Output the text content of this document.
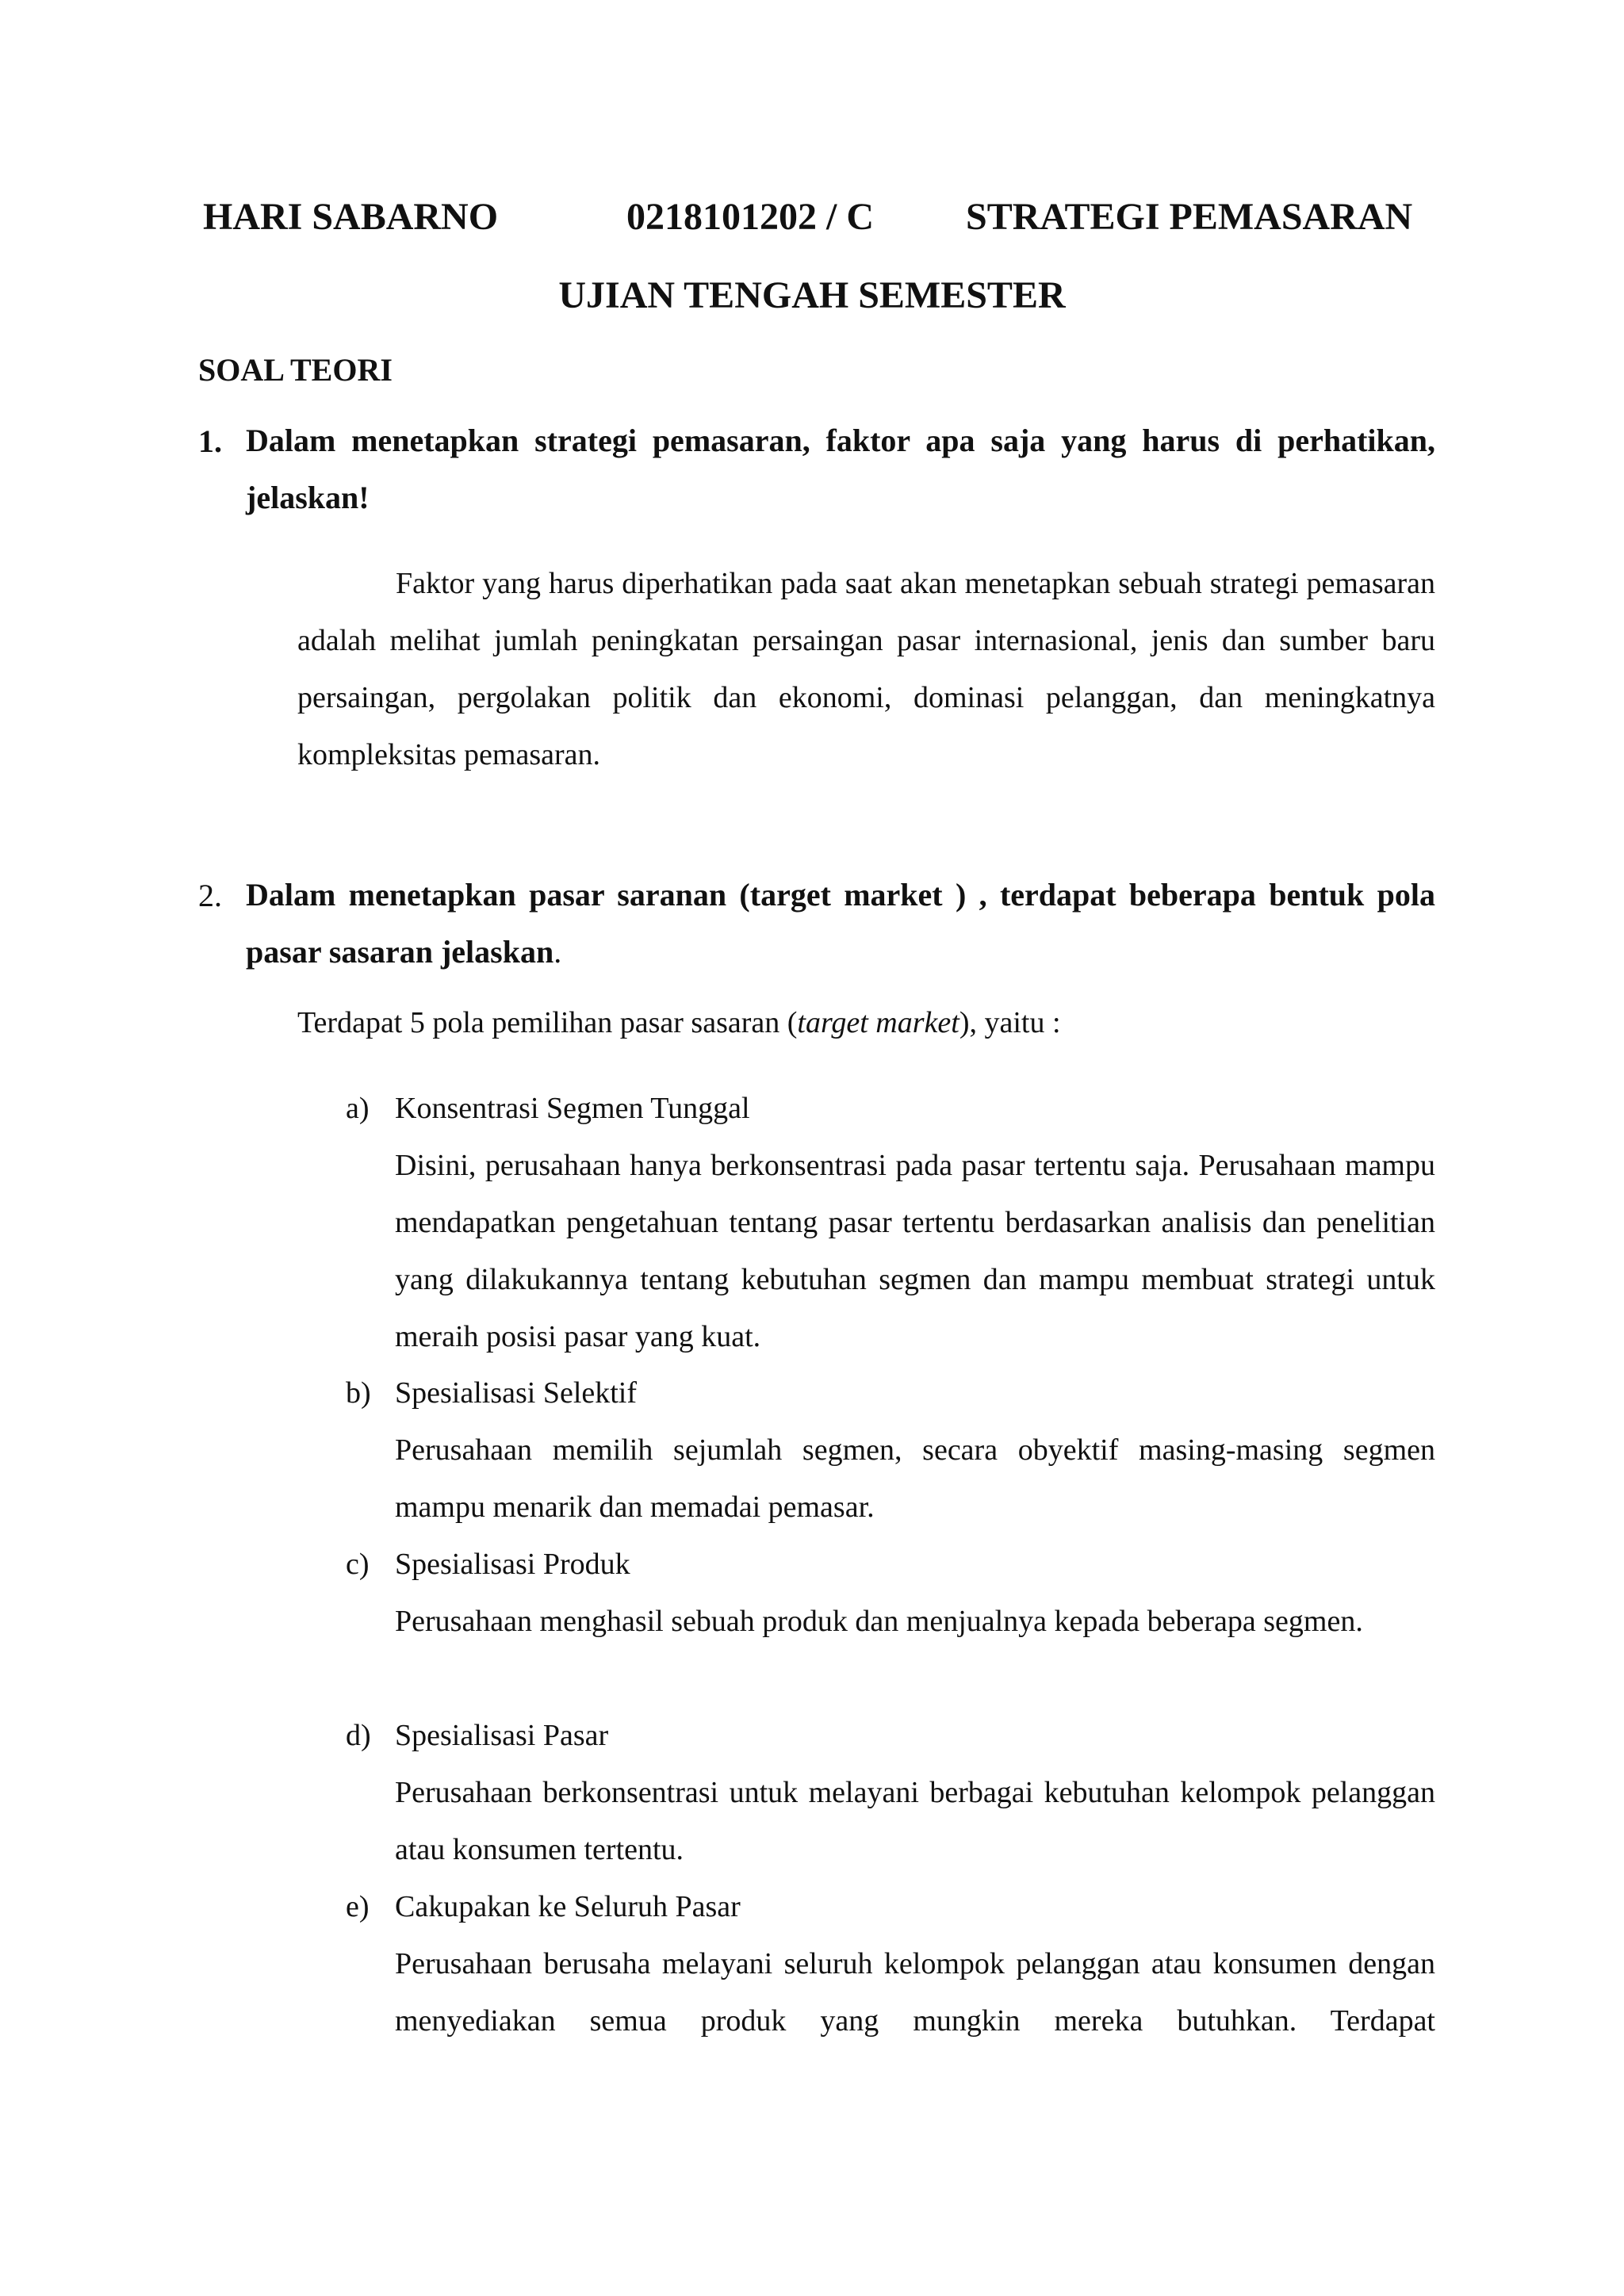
HARI SABARNO	0218101202 / C STRATEGI PEMASARAN
UJIAN TENGAH SEMESTER
SOAL TEORI
1. Dalam menetapkan strategi pemasaran, faktor apa saja yang harus di perhatikan, jelaskan!
Faktor yang harus diperhatikan pada saat akan menetapkan sebuah strategi pemasaran adalah melihat jumlah peningkatan persaingan pasar internasional, jenis dan sumber baru persaingan, pergolakan politik dan ekonomi, dominasi pelanggan, dan meningkatnya kompleksitas pemasaran.
2. Dalam menetapkan pasar saranan (target market ) , terdapat beberapa bentuk pola pasar sasaran jelaskan.
Terdapat 5 pola pemilihan pasar sasaran (target market), yaitu :
a) Konsentrasi Segmen Tunggal
Disini, perusahaan hanya berkonsentrasi pada pasar tertentu saja. Perusahaan mampu mendapatkan pengetahuan tentang pasar tertentu berdasarkan analisis dan penelitian yang dilakukannya tentang kebutuhan segmen dan mampu membuat strategi untuk meraih posisi pasar yang kuat.
b) Spesialisasi Selektif
Perusahaan memilih sejumlah segmen, secara obyektif masing-masing segmen mampu menarik dan memadai pemasar.
c) Spesialisasi Produk
Perusahaan menghasil sebuah produk dan menjualnya kepada beberapa segmen.
d) Spesialisasi Pasar
Perusahaan berkonsentrasi untuk melayani berbagai kebutuhan kelompok pelanggan atau konsumen tertentu.
e) Cakupakan ke Seluruh Pasar
Perusahaan berusaha melayani seluruh kelompok pelanggan atau konsumen dengan menyediakan semua produk yang mungkin mereka butuhkan. Terdapat
